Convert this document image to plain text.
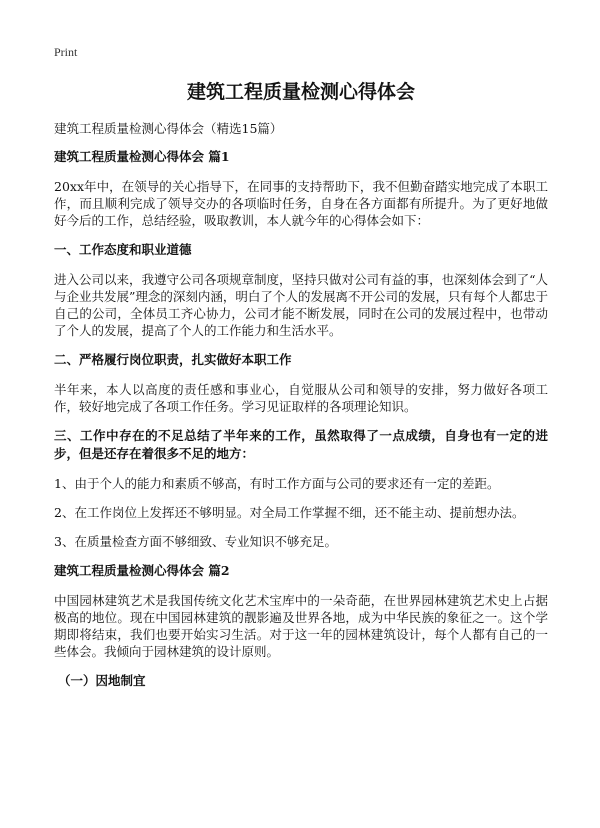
Print
建筑工程质量检测心得体会
建筑工程质量检测心得体会（精选15篇）
建筑工程质量检测心得体会 篇1
20xx年中，在领导的关心指导下，在同事的支持帮助下，我不但勤奋踏实地完成了本职工作，而且顺利完成了领导交办的各项临时任务，自身在各方面都有所提升。为了更好地做好今后的工作，总结经验，吸取教训，本人就今年的心得体会如下：
一、工作态度和职业道德
进入公司以来，我遵守公司各项规章制度，坚持只做对公司有益的事，也深刻体会到了“人与企业共发展”理念的深刻内涵，明白了个人的发展离不开公司的发展，只有每个人都忠于自己的公司，全体员工齐心协力，公司才能不断发展，同时在公司的发展过程中，也带动了个人的发展，提高了个人的工作能力和生活水平。
二、严格履行岗位职责，扎实做好本职工作
半年来，本人以高度的责任感和事业心，自觉服从公司和领导的安排，努力做好各项工作，较好地完成了各项工作任务。学习见证取样的各项理论知识。
三、工作中存在的不足总结了半年来的工作，虽然取得了一点成绩，自身也有一定的进步，但是还存在着很多不足的地方：
1、由于个人的能力和素质不够高，有时工作方面与公司的要求还有一定的差距。
2、在工作岗位上发挥还不够明显。对全局工作掌握不细，还不能主动、提前想办法。
3、在质量检查方面不够细致、专业知识不够充足。
建筑工程质量检测心得体会 篇2
中国园林建筑艺术是我国传统文化艺术宝库中的一朵奇葩，在世界园林建筑艺术史上占据极高的地位。现在中国园林建筑的靓影遍及世界各地，成为中华民族的象征之一。这个学期即将结束，我们也要开始实习生活。对于这一年的园林建筑设计，每个人都有自己的一些体会。我倾向于园林建筑的设计原则。
（一）因地制宜
